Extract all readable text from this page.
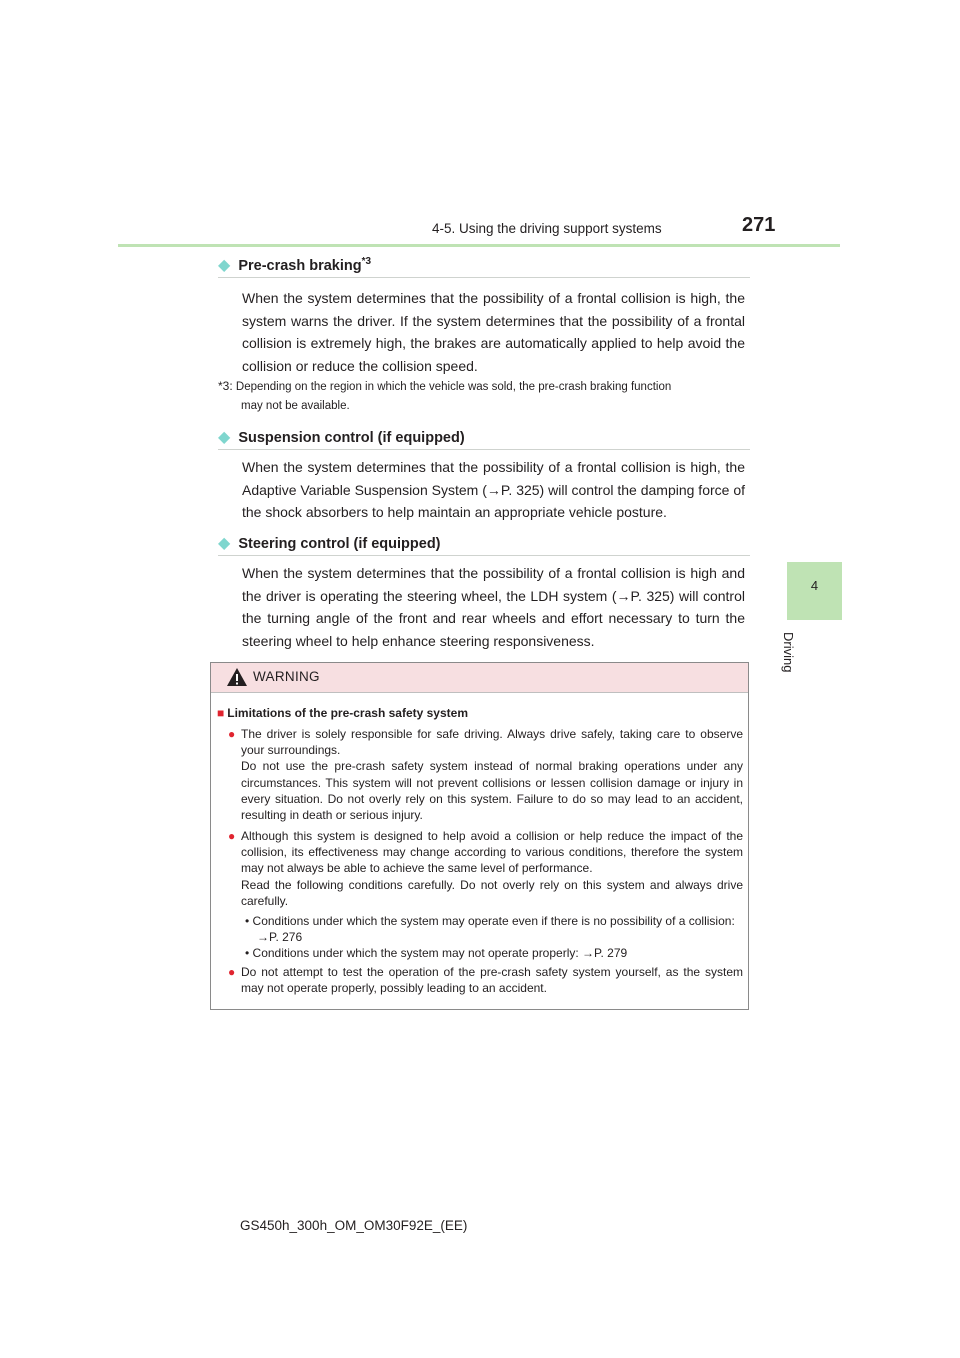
4-5. Using the driving support systems	271
4
Driving
◆ Pre-crash braking$^{*3}$
When the system determines that the possibility of a frontal collision is high, the system warns the driver. If the system determines that the possibility of a frontal collision is extremely high, the brakes are automatically applied to help avoid the collision or reduce the collision speed.
*3: Depending on the region in which the vehicle was sold, the pre-crash braking function
may not be available.
◆ Suspension control (if equipped)
When the system determines that the possibility of a frontal collision is high, the Adaptive Variable Suspension System (→P. 325) will control the damping force of the shock absorbers to help maintain an appropriate vehicle posture.
◆ Steering control (if equipped)
When the system determines that the possibility of a frontal collision is high and the driver is operating the steering wheel, the LDH system (→P. 325) will control the turning angle of the front and rear wheels and effort necessary to turn the steering wheel to help enhance steering responsiveness.
WARNING
■ Limitations of the pre-crash safety system
● The driver is solely responsible for safe driving. Always drive safely, taking care to observe your surroundings.
Do not use the pre-crash safety system instead of normal braking operations under any circumstances. This system will not prevent collisions or lessen collision damage or injury in every situation. Do not overly rely on this system. Failure to do so may lead to an accident, resulting in death or serious injury.
● Although this system is designed to help avoid a collision or help reduce the impact of the collision, its effectiveness may change according to various conditions, therefore the system may not always be able to achieve the same level of performance.
Read the following conditions carefully. Do not overly rely on this system and always drive carefully.
• Conditions under which the system may operate even if there is no possibility of a collision: →P. 276
• Conditions under which the system may not operate properly: →P. 279
● Do not attempt to test the operation of the pre-crash safety system yourself, as the system may not operate properly, possibly leading to an accident.
GS450h_300h_OM_OM30F92E_(EE)
